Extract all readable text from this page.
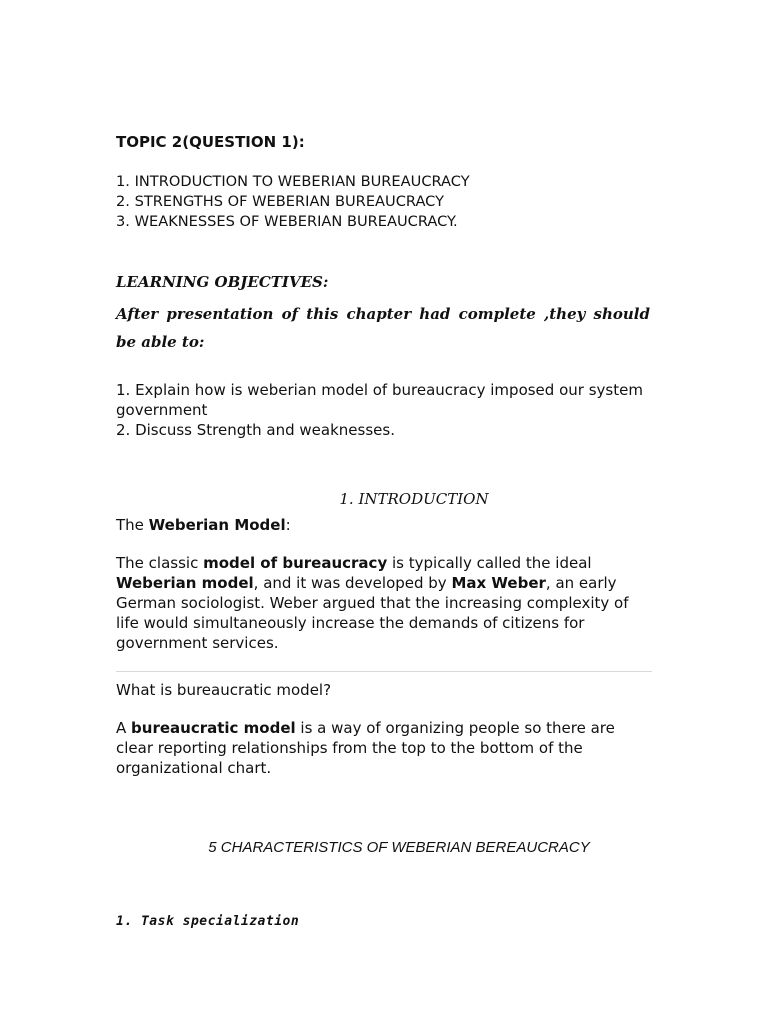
TOPIC 2(QUESTION 1):
1. INTRODUCTION TO WEBERIAN BUREAUCRACY
2. STRENGTHS OF WEBERIAN BUREAUCRACY
3. WEAKNESSES OF WEBERIAN BUREAUCRACY.
LEARNING OBJECTIVES:
After presentation of this chapter had complete ,they should be able to:
1. Explain how is weberian model of bureaucracy imposed our system government
2. Discuss Strength and weaknesses.
1. INTRODUCTION
The Weberian Model:
The classic model of bureaucracy is typically called the ideal Weberian model, and it was developed by Max Weber, an early German sociologist. Weber argued that the increasing complexity of life would simultaneously increase the demands of citizens for government services.
What is bureaucratic model?
A bureaucratic model is a way of organizing people so there are clear reporting relationships from the top to the bottom of the organizational chart.
5 CHARACTERISTICS OF WEBERIAN BEREAUCRACY
1. Task specialization
